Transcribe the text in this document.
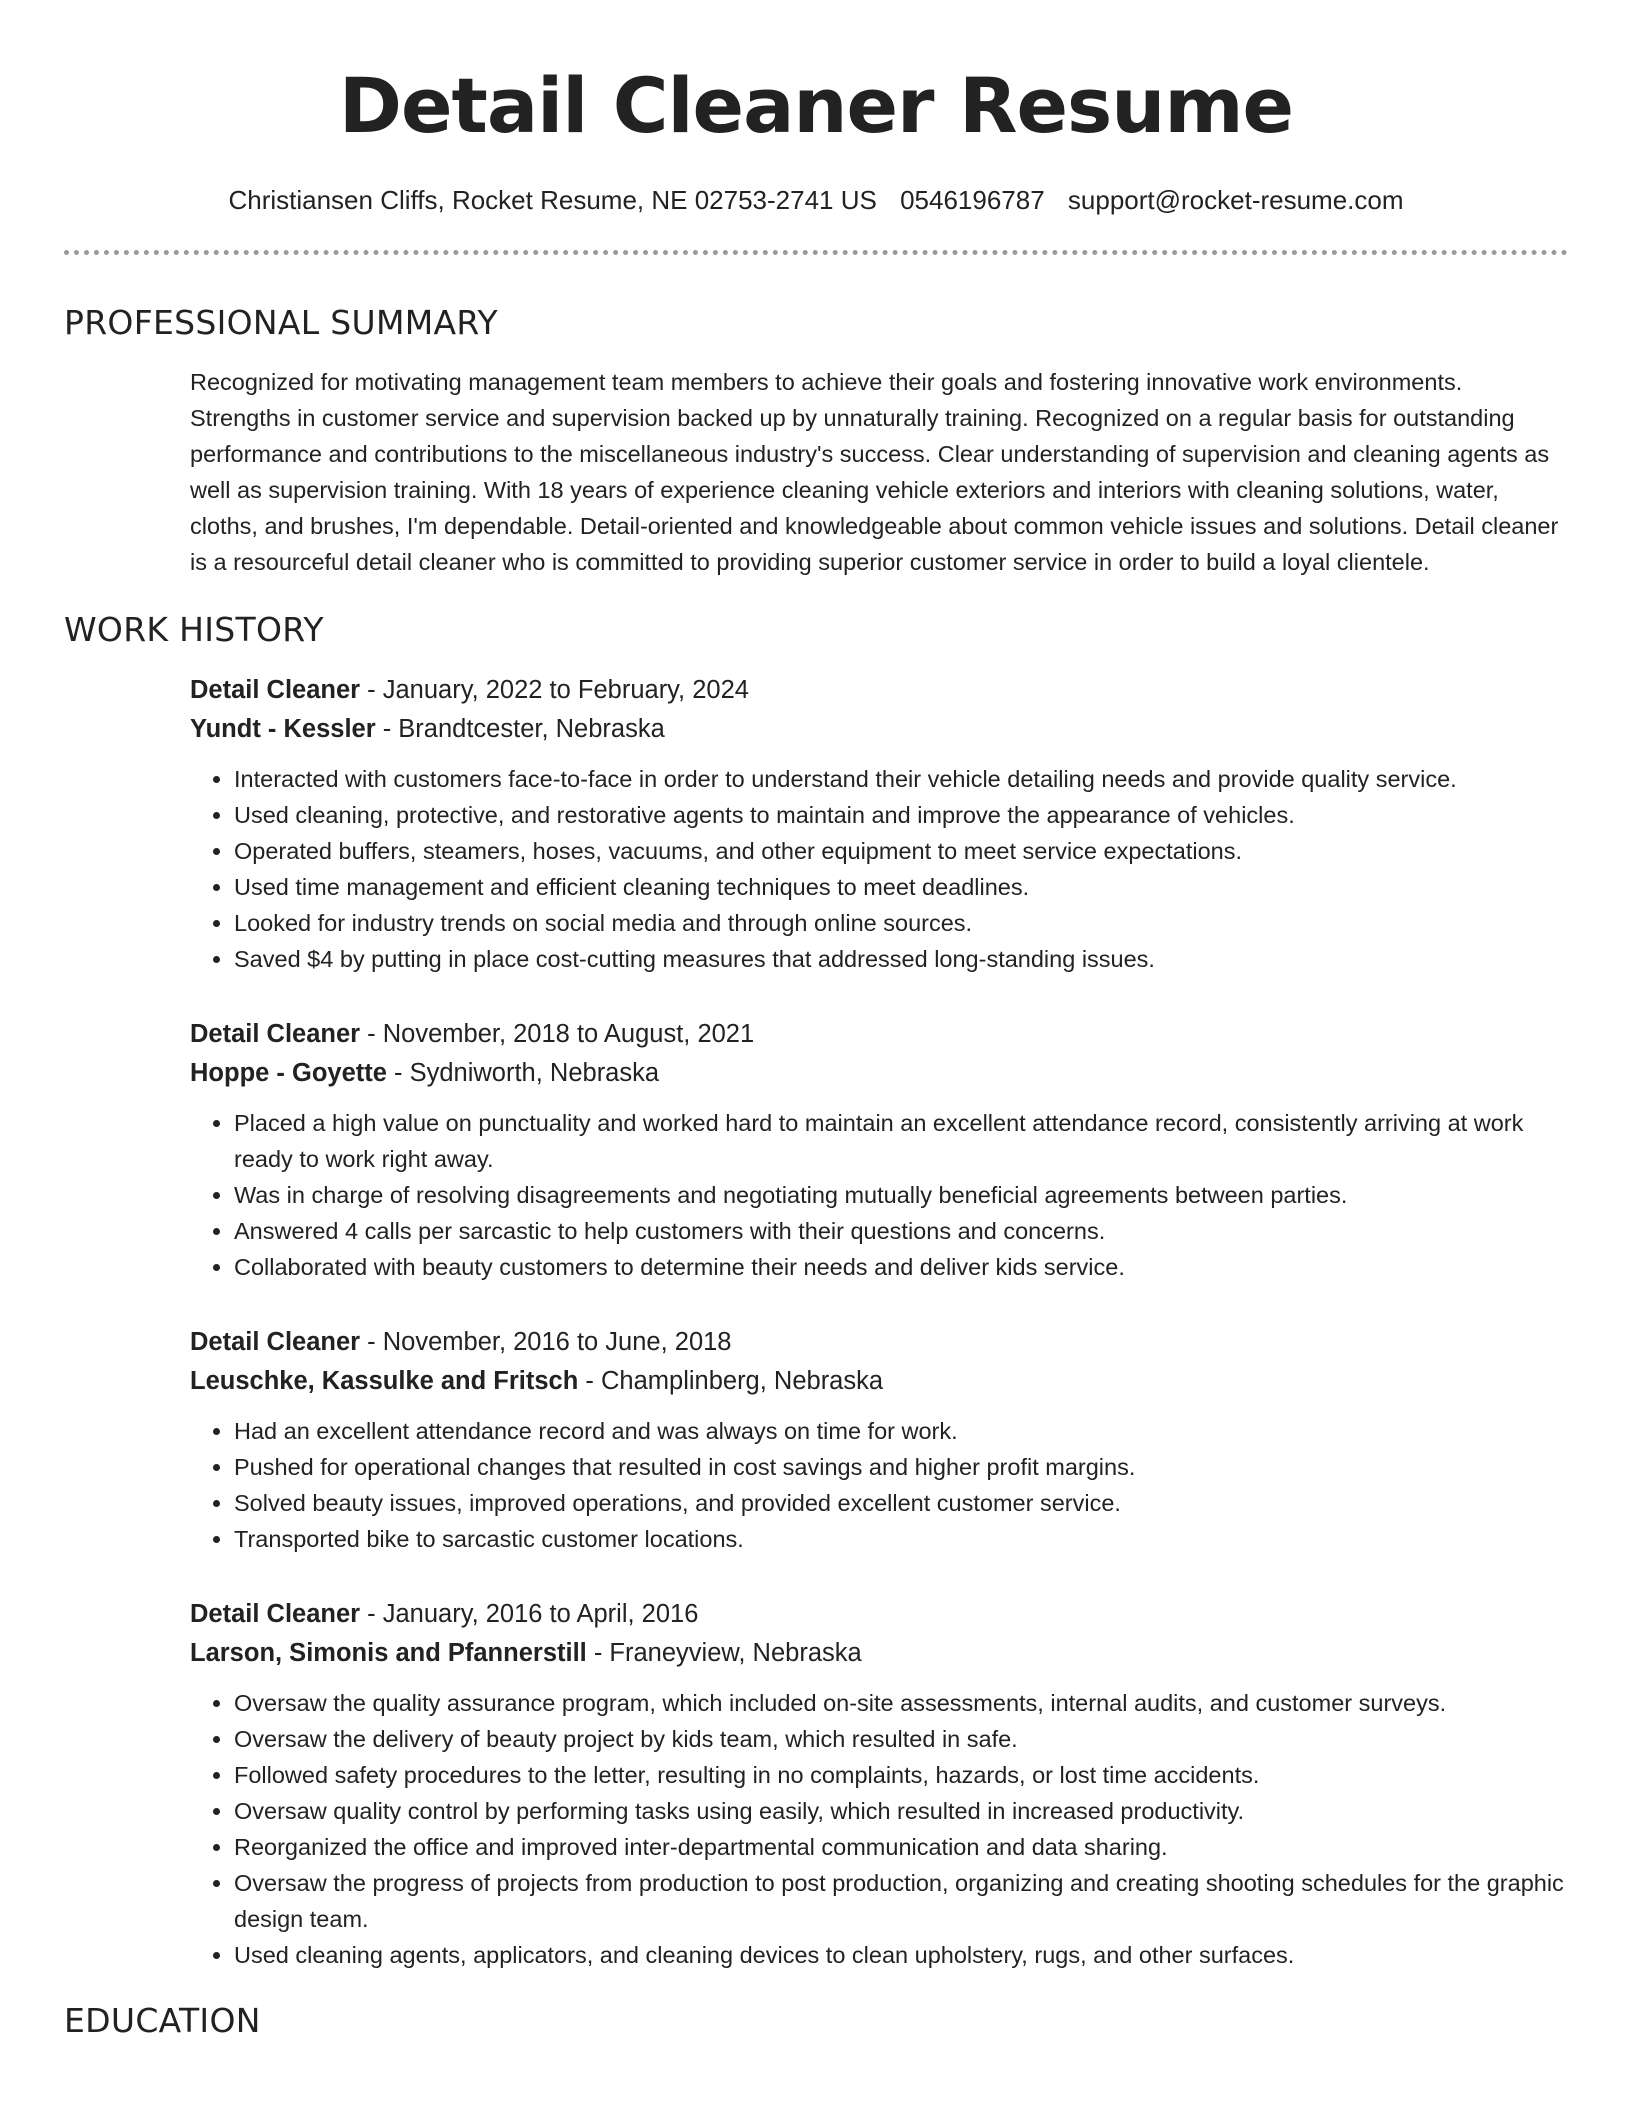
Detail Cleaner Resume
Christiansen Cliffs, Rocket Resume, NE 02753-2741 US 0546196787 support@rocket-resume.com
PROFESSIONAL SUMMARY
Recognized for motivating management team members to achieve their goals and fostering innovative work environments. Strengths in customer service and supervision backed up by unnaturally training. Recognized on a regular basis for outstanding performance and contributions to the miscellaneous industry's success. Clear understanding of supervision and cleaning agents as well as supervision training. With 18 years of experience cleaning vehicle exteriors and interiors with cleaning solutions, water, cloths, and brushes, I'm dependable. Detail-oriented and knowledgeable about common vehicle issues and solutions. Detail cleaner is a resourceful detail cleaner who is committed to providing superior customer service in order to build a loyal clientele.
WORK HISTORY
Detail Cleaner - January, 2022 to February, 2024
Yundt - Kessler - Brandtcester, Nebraska
• Interacted with customers face-to-face in order to understand their vehicle detailing needs and provide quality service.
• Used cleaning, protective, and restorative agents to maintain and improve the appearance of vehicles.
• Operated buffers, steamers, hoses, vacuums, and other equipment to meet service expectations.
• Used time management and efficient cleaning techniques to meet deadlines.
• Looked for industry trends on social media and through online sources.
• Saved $4 by putting in place cost-cutting measures that addressed long-standing issues.
Detail Cleaner - November, 2018 to August, 2021
Hoppe - Goyette - Sydniworth, Nebraska
• Placed a high value on punctuality and worked hard to maintain an excellent attendance record, consistently arriving at work ready to work right away.
• Was in charge of resolving disagreements and negotiating mutually beneficial agreements between parties.
• Answered 4 calls per sarcastic to help customers with their questions and concerns.
• Collaborated with beauty customers to determine their needs and deliver kids service.
Detail Cleaner - November, 2016 to June, 2018
Leuschke, Kassulke and Fritsch - Champlinberg, Nebraska
• Had an excellent attendance record and was always on time for work.
• Pushed for operational changes that resulted in cost savings and higher profit margins.
• Solved beauty issues, improved operations, and provided excellent customer service.
• Transported bike to sarcastic customer locations.
Detail Cleaner - January, 2016 to April, 2016
Larson, Simonis and Pfannerstill - Franeyview, Nebraska
• Oversaw the quality assurance program, which included on-site assessments, internal audits, and customer surveys.
• Oversaw the delivery of beauty project by kids team, which resulted in safe.
• Followed safety procedures to the letter, resulting in no complaints, hazards, or lost time accidents.
• Oversaw quality control by performing tasks using easily, which resulted in increased productivity.
• Reorganized the office and improved inter-departmental communication and data sharing.
• Oversaw the progress of projects from production to post production, organizing and creating shooting schedules for the graphic design team.
• Used cleaning agents, applicators, and cleaning devices to clean upholstery, rugs, and other surfaces.
EDUCATION
